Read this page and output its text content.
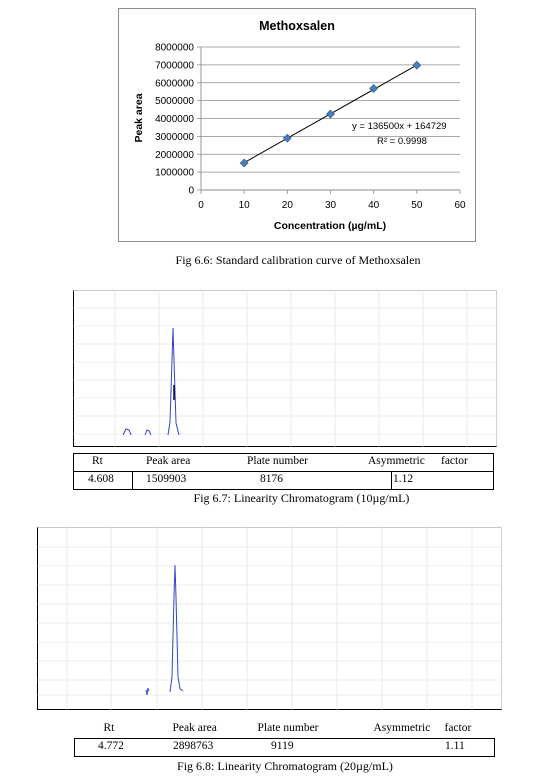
0
1000000
2000000
3000000
4000000
5000000
6000000
7000000
8000000
0	10	20	30	40	50	60
Methoxsalen
Concentration (µg/mL)
Peak area	y = 136500x + 164729
R² = 0.9998
Fig 6.6: Standard calibration curve of Methoxsalen
Rt	Peak area	Plate number	Asymmetric factor

4.608	1509903	8176	1.12
Fig 6.7: Linearity Chromatogram (10µg/mL)
Rt	Peak area	Plate number	Asymmetric factor

4.772	2898763	9119	1.11
Fig 6.8: Linearity Chromatogram (20µg/mL)
